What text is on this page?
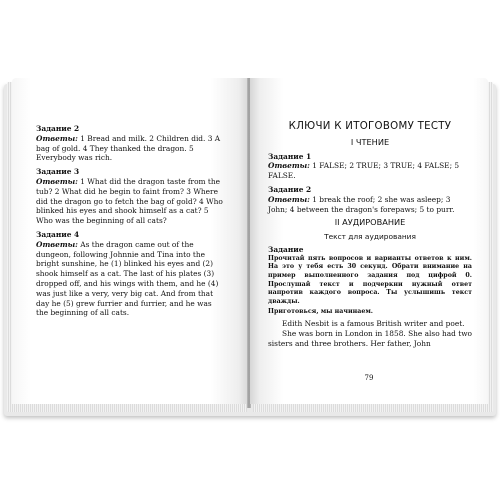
Задание 2

Ответы: 1 Bread and milk. 2 Children did. 3 A bag of gold. 4 They thanked the dragon. 5 Everybody was rich.

Задание 3

Ответы: 1 What did the dragon taste from the tub? 2 What did he begin to faint from? 3 Where did the dragon go to fetch the bag of gold? 4 Who blinked his eyes and shook himself as a cat? 5 Who was the beginning of all cats?

Задание 4

Ответы: As the dragon came out of the dungeon, following Johnnie and Tina into the bright sunshine, he (1) blinked his eyes and (2) shook himself as a cat. The last of his plates (3) dropped off, and his wings with them, and he (4) was just like a very, very big cat. And from that day he (5) grew furrier and furrier, and he was the beginning of all cats.

КЛЮЧИ К ИТОГОВОМУ ТЕСТУ

I ЧТЕНИЕ

Задание 1

Ответы: 1 FALSE; 2 TRUE; 3 TRUE; 4 FALSE; 5 FALSE.

Задание 2

Ответы: 1 break the roof; 2 she was asleep; 3 John; 4 between the dragon's forepaws; 5 to purr.

II АУДИРОВАНИЕ

Текст для аудирования

Задание

Прочитай пять вопросов и варианты ответов к ним. На это у тебя есть 30 секунд. Обрати внимание на пример выполненного задания под цифрой 0. Прослушай текст и подчеркни нужный ответ напротив каждого вопроса. Ты услышишь текст дважды.

Приготовься, мы начинаем.

Edith Nesbit is a famous British writer and poet.

She was born in London in 1858. She also had two sisters and three brothers. Her father, John

79
